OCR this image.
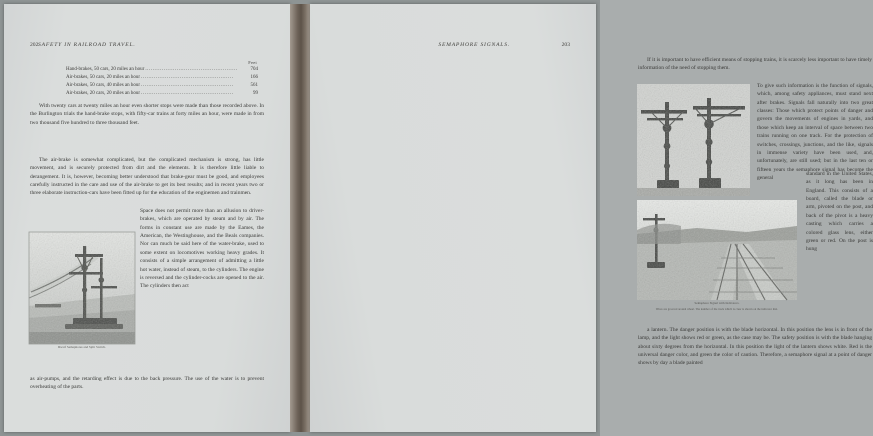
202 SAFETY IN RAILROAD TRAVEL.
Feet
Hand-brakes, 50 cars, 20 miles an hour ..................................................	704
Air-brakes, 50 cars, 20 miles an hour ..................................................	166
Air-brakes, 50 cars, 40 miles an hour ..................................................	561
Air-brakes, 20 cars, 20 miles an hour ..................................................	99
With twenty cars at twenty miles an hour even shorter stops were made than those recorded above. In the Burlington trials the hand-brake stops, with fifty-car trains at forty miles an hour, were made in from two thousand five hundred to three thousand feet.
The air-brake is somewhat complicated, but the complicated mechanism is strong, has little movement, and is securely protected from dirt and the elements. It is therefore little liable to derangement. It is, however, becoming better understood that brake-gear must be good, and employees carefully instructed in the care and use of the air-brake to get its best results; and in recent years two or three elaborate instruction-cars have been fitted up for the education of the enginemen and trainmen.
Dwarf Semaphores and Split Switch.
Space does not permit more than an allusion to driver-brakes, which are operated by steam and by air. The forms in constant use are made by the Eames, the American, the Westinghouse, and the Beals companies. Nor can much be said here of the water-brake, used to some extent on locomotives working heavy grades. It consists of a simple arrangement of admitting a little hot water, instead of steam, to the cylinders. The engine is reversed and the cylinder-cocks are opened to the air. The cylinders then act
as air-pumps, and the retarding effect is due to the back pressure. The use of the water is to prevent overheating of the parts.
SEMAPHORE SIGNALS.	203
If it is important to have efficient means of stopping trains, it is scarcely less important to have timely information of the need of stopping them.
Semaphore Signal with Indicators.
Wires are grooved around wheel. The number of the track which is clear is shown on the indicator dial.
To give such information is the function of signals, which, among safety appliances, must stand next after brakes. Signals fall naturally into two great classes: Those which protect points of danger and govern the movements of engines in yards, and those which keep an interval of space between two trains running on one track. For the protection of switches, crossings, junctions, and the like, signals in immense variety have been used, and, unfortunately, are still used; but in the last ten or fifteen years the semaphore signal has become the general
standard in the United States, as it long has been in England. This consists of a board, called the blade or arm, pivoted on the post, and back of the pivot is a heavy casting which carries a colored glass lens, either green or red. On the post is hung
a lantern. The danger position is with the blade horizontal. In this position the lens is in front of the lamp, and the light shows red or green, as the case may be. The safety position is with the blade hanging about sixty degrees from the horizontal. In this position the light of the lantern shows white. Red is the universal danger color, and green the color of caution. Therefore, a semaphore signal at a point of danger shows by day a blade painted
